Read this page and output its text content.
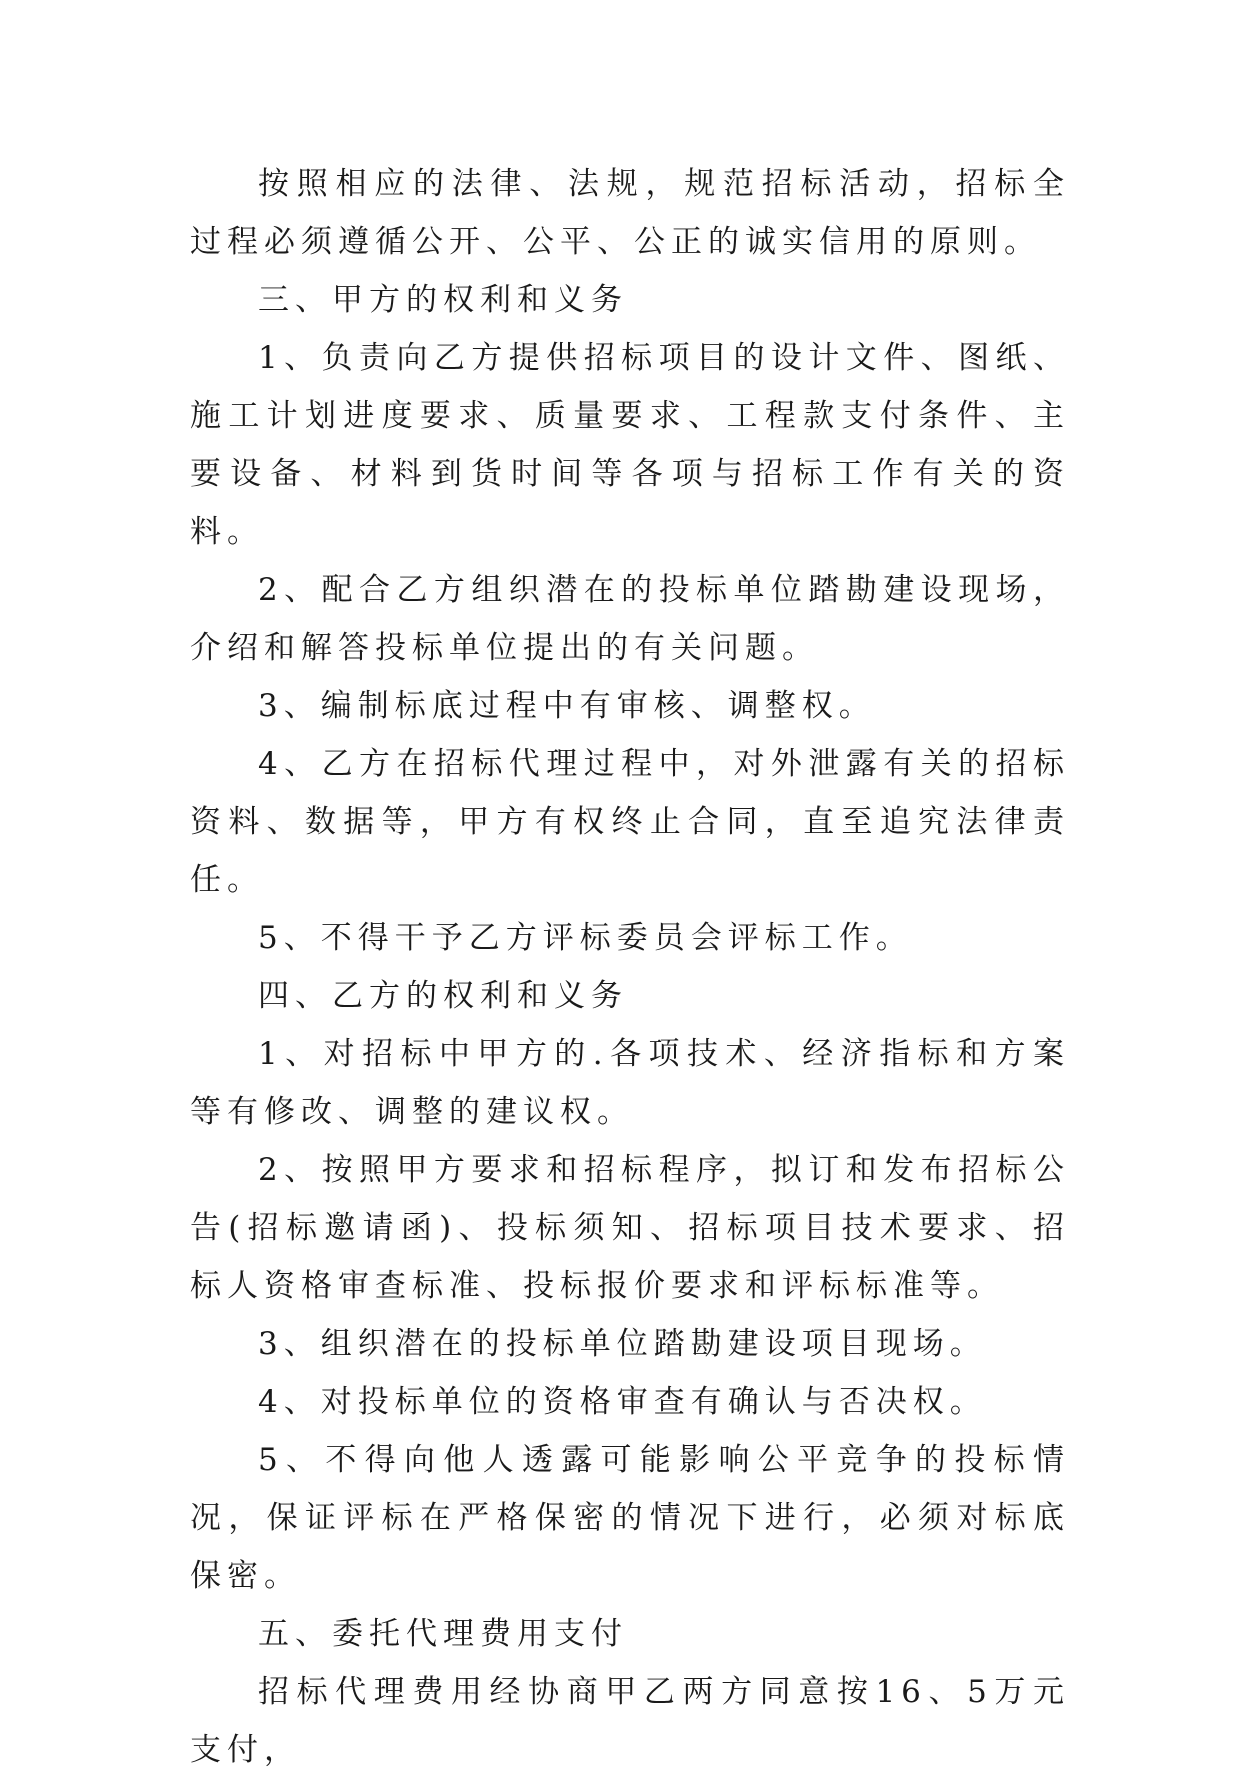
按照相应的法律、法规，规范招标活动，招标全过程必须遵循公开、公平、公正的诚实信用的原则。

三、甲方的权利和义务

1、负责向乙方提供招标项目的设计文件、图纸、施工计划进度要求、质量要求、工程款支付条件、主要设备、材料到货时间等各项与招标工作有关的资料。

2、配合乙方组织潜在的投标单位踏勘建设现场，介绍和解答投标单位提出的有关问题。

3、编制标底过程中有审核、调整权。

4、乙方在招标代理过程中，对外泄露有关的招标资料、数据等，甲方有权终止合同，直至追究法律责任。

5、不得干予乙方评标委员会评标工作。

四、乙方的权利和义务

1、对招标中甲方的.各项技术、经济指标和方案等有修改、调整的建议权。

2、按照甲方要求和招标程序，拟订和发布招标公告(招标邀请函)、投标须知、招标项目技术要求、招标人资格审查标准、投标报价要求和评标标准等。

3、组织潜在的投标单位踏勘建设项目现场。

4、对投标单位的资格审查有确认与否决权。

5、不得向他人透露可能影响公平竞争的投标情况，保证评标在严格保密的情况下进行，必须对标底保密。

五、委托代理费用支付

招标代理费用经协商甲乙两方同意按16、5万元支付，
